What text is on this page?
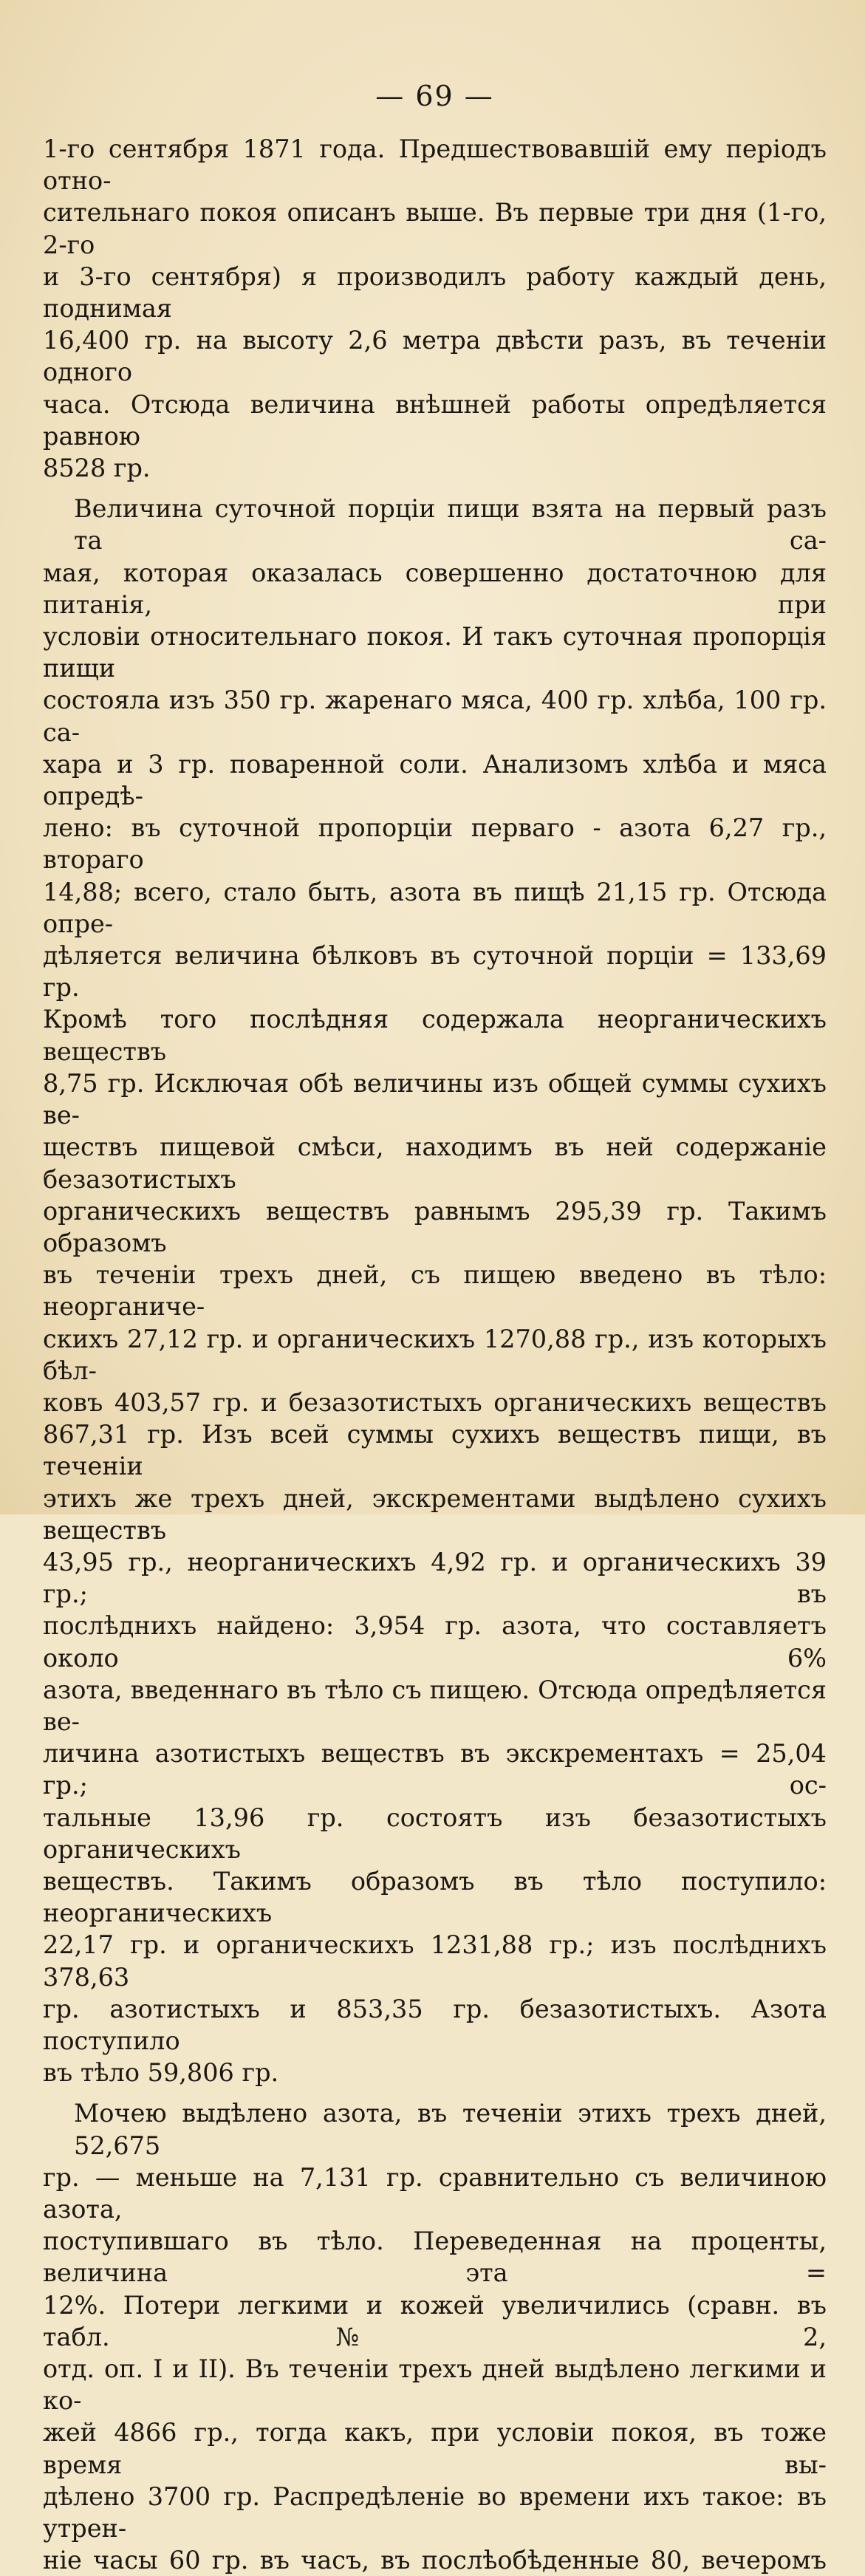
— 69 —

1-го сентября 1871 года. Предшествовавшій ему періодъ отно-

сительнаго покоя описанъ выше. Въ первые три дня (1-го, 2-го

и 3-го сентября) я производилъ работу каждый день, поднимая

16,400 гр. на высоту 2,6 метра двѣсти разъ, въ теченіи одного

часа. Отсюда величина внѣшней работы опредѣляется равною

8528 гр.

Величина суточной порціи пищи взята на первый разъ та са-

мая, которая оказалась совершенно достаточною для питанія, при

условіи относительнаго покоя. И такъ суточная пропорція пищи

состояла изъ 350 гр. жаренаго мяса, 400 гр. хлѣба, 100 гр. са-

хара и 3 гр. поваренной соли. Анализомъ хлѣба и мяса опредѣ-

лено: въ суточной пропорціи перваго - азота 6,27 гр., втораго

14,88; всего, стало быть, азота въ пищѣ 21,15 гр. Отсюда опре-

дѣляется величина бѣлковъ въ суточной порціи = 133,69 гр.

Кромѣ того послѣдняя содержала неорганическихъ веществъ

8,75 гр. Исключая обѣ величины изъ общей суммы сухихъ ве-

ществъ пищевой смѣси, находимъ въ ней содержаніе безазотистыхъ

органическихъ веществъ равнымъ 295,39 гр. Такимъ образомъ

въ теченіи трехъ дней, съ пищею введено въ тѣло: неорганиче-

скихъ 27,12 гр. и органическихъ 1270,88 гр., изъ которыхъ бѣл-

ковъ 403,57 гр. и безазотистыхъ органическихъ веществъ

867,31 гр. Изъ всей суммы сухихъ веществъ пищи, въ теченіи

этихъ же трехъ дней, экскрементами выдѣлено сухихъ веществъ

43,95 гр., неорганическихъ 4,92 гр. и органическихъ 39 гр.; въ

послѣднихъ найдено: 3,954 гр. азота, что составляетъ около 6%

азота, введеннаго въ тѣло съ пищею. Отсюда опредѣляется ве-

личина азотистыхъ веществъ въ экскрементахъ = 25,04 гр.; ос-

тальные 13,96 гр. состоятъ изъ безазотистыхъ органическихъ

веществъ. Такимъ образомъ въ тѣло поступило: неорганическихъ

22,17 гр. и органическихъ 1231,88 гр.; изъ послѣднихъ 378,63

гр. азотистыхъ и 853,35 гр. безазотистыхъ. Азота поступило

въ тѣло 59,806 гр.

Мочею выдѣлено азота, въ теченіи этихъ трехъ дней, 52,675

гр. — меньше на 7,131 гр. сравнительно съ величиною азота,

поступившаго въ тѣло. Переведенная на проценты, величина эта =

12%. Потери легкими и кожей увеличились (сравн. въ табл. № 2,

отд. оп. I и II). Въ теченіи трехъ дней выдѣлено легкими и ко-

жей 4866 гр., тогда какъ, при условіи покоя, въ тоже время вы-

дѣлено 3700 гр. Распредѣленіе во времени ихъ такое: въ утрен-

ніе часы 60 гр. въ часъ, въ послѣобѣденные 80, вечеромъ
